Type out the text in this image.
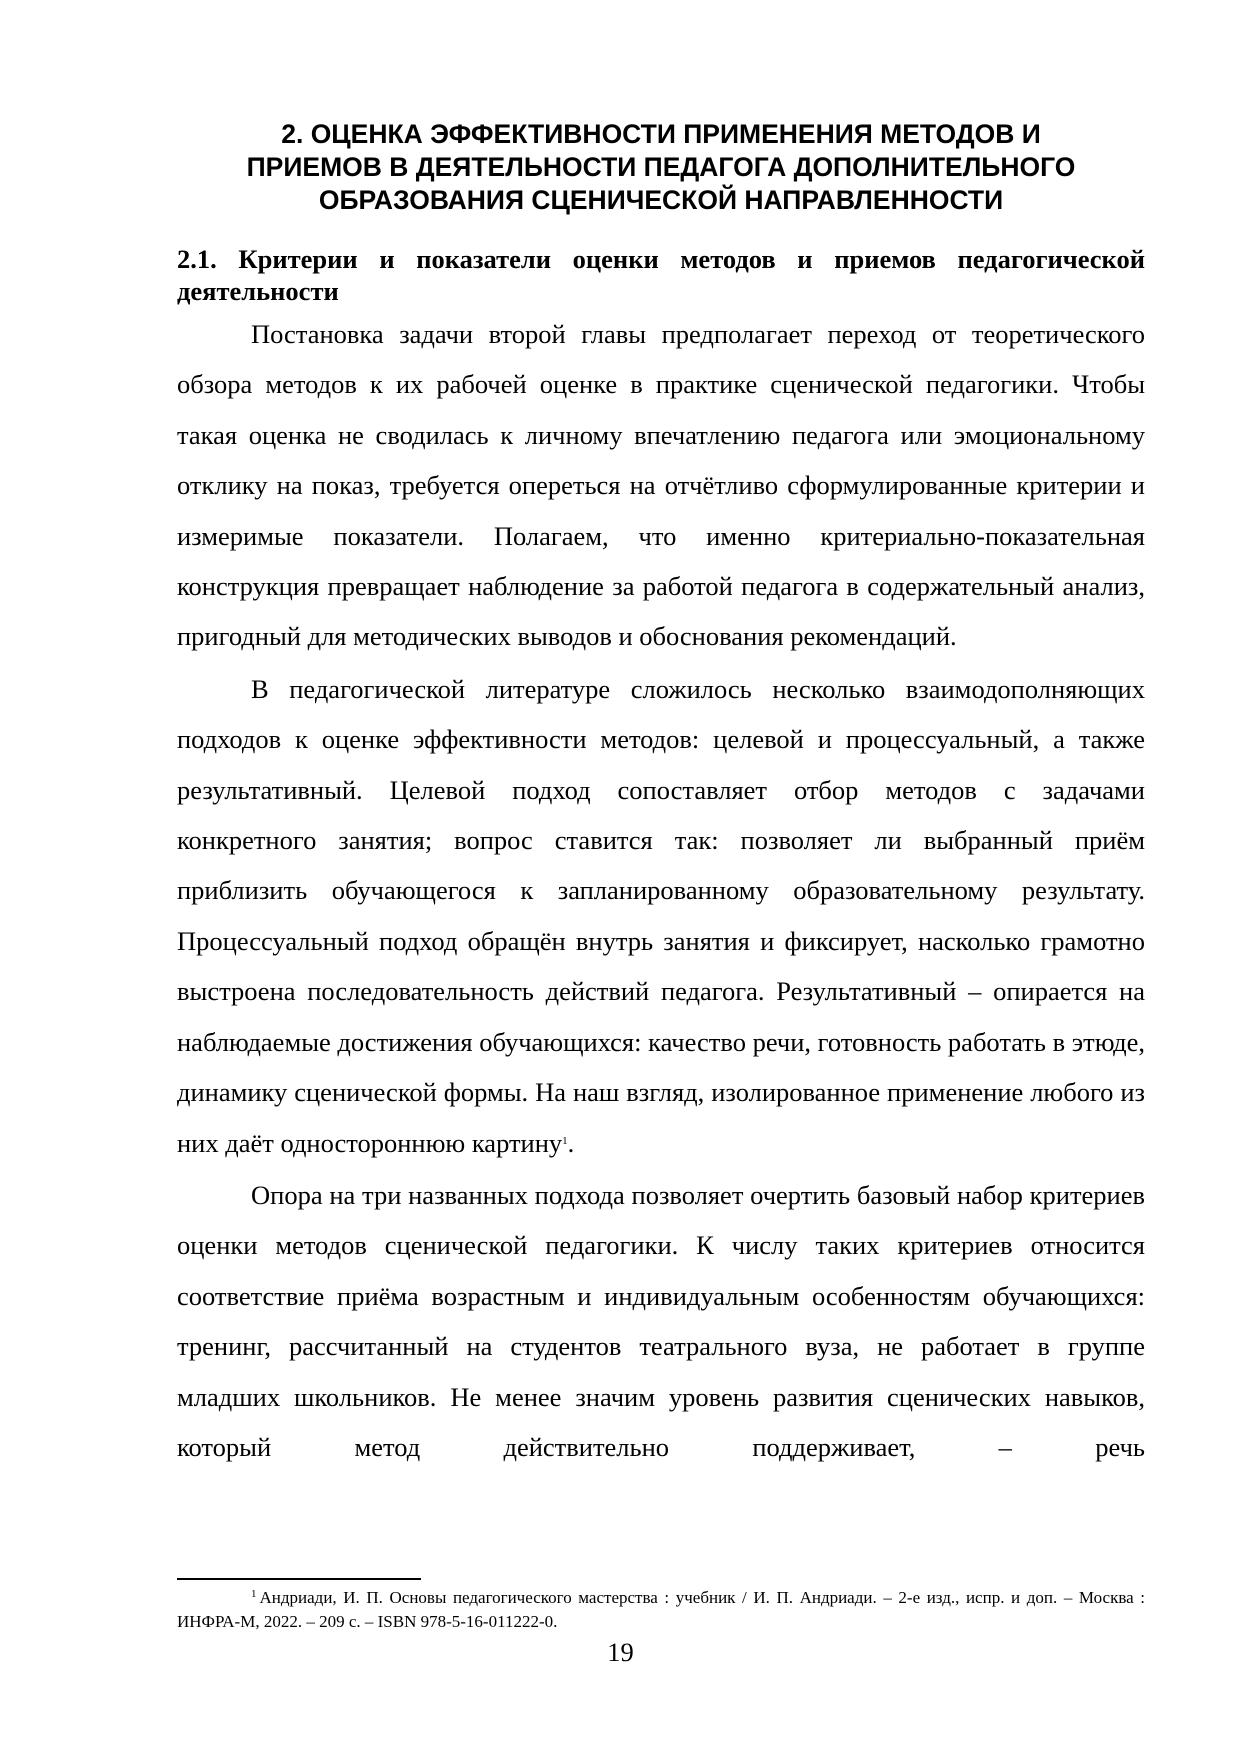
2. ОЦЕНКА ЭФФЕКТИВНОСТИ ПРИМЕНЕНИЯ МЕТОДОВ И
ПРИЕМОВ В ДЕЯТЕЛЬНОСТИ ПЕДАГОГА ДОПОЛНИТЕЛЬНОГО
ОБРАЗОВАНИЯ СЦЕНИЧЕСКОЙ НАПРАВЛЕННОСТИ
2.1. Критерии и показатели оценки методов и приемов педагогической деятельности

Постановка задачи второй главы предполагает переход от теоретического обзора методов к их рабочей оценке в практике сценической педагогики. Чтобы такая оценка не сводилась к личному впечатлению педагога или эмоциональному отклику на показ, требуется опереться на отчётливо сформулированные критерии и измеримые показатели. Полагаем, что именно критериально-показательная конструкция превращает наблюдение за работой педагога в содержательный анализ, пригодный для методических выводов и обоснования рекомендаций.

В педагогической литературе сложилось несколько взаимодополняющих подходов к оценке эффективности методов: целевой и процессуальный, а также результативный. Целевой подход сопоставляет отбор методов с задачами конкретного занятия; вопрос ставится так: позволяет ли выбранный приём приблизить обучающегося к запланированному образовательному результату. Процессуальный подход обращён внутрь занятия и фиксирует, насколько грамотно выстроена последовательность действий педагога. Результативный – опирается на наблюдаемые достижения обучающихся: качество речи, готовность работать в этюде, динамику сценической формы. На наш взгляд, изолированное применение любого из них даёт одностороннюю картину$^1$.

Опора на три названных подхода позволяет очертить базовый набор критериев оценки методов сценической педагогики. К числу таких критериев относится соответствие приёма возрастным и индивидуальным особенностям обучающихся: тренинг, рассчитанный на студентов театрального вуза, не работает в группе младших школьников. Не менее значим уровень развития сценических навыков, который метод действительно поддерживает, – речь

$^1$ Андриади, И. П. Основы педагогического мастерства : учебник / И. П. Андриади. – 2-е изд., испр. и доп. – Москва : ИНФРА-М, 2022. – 209 с. – ISBN 978-5-16-011222-0.

19
